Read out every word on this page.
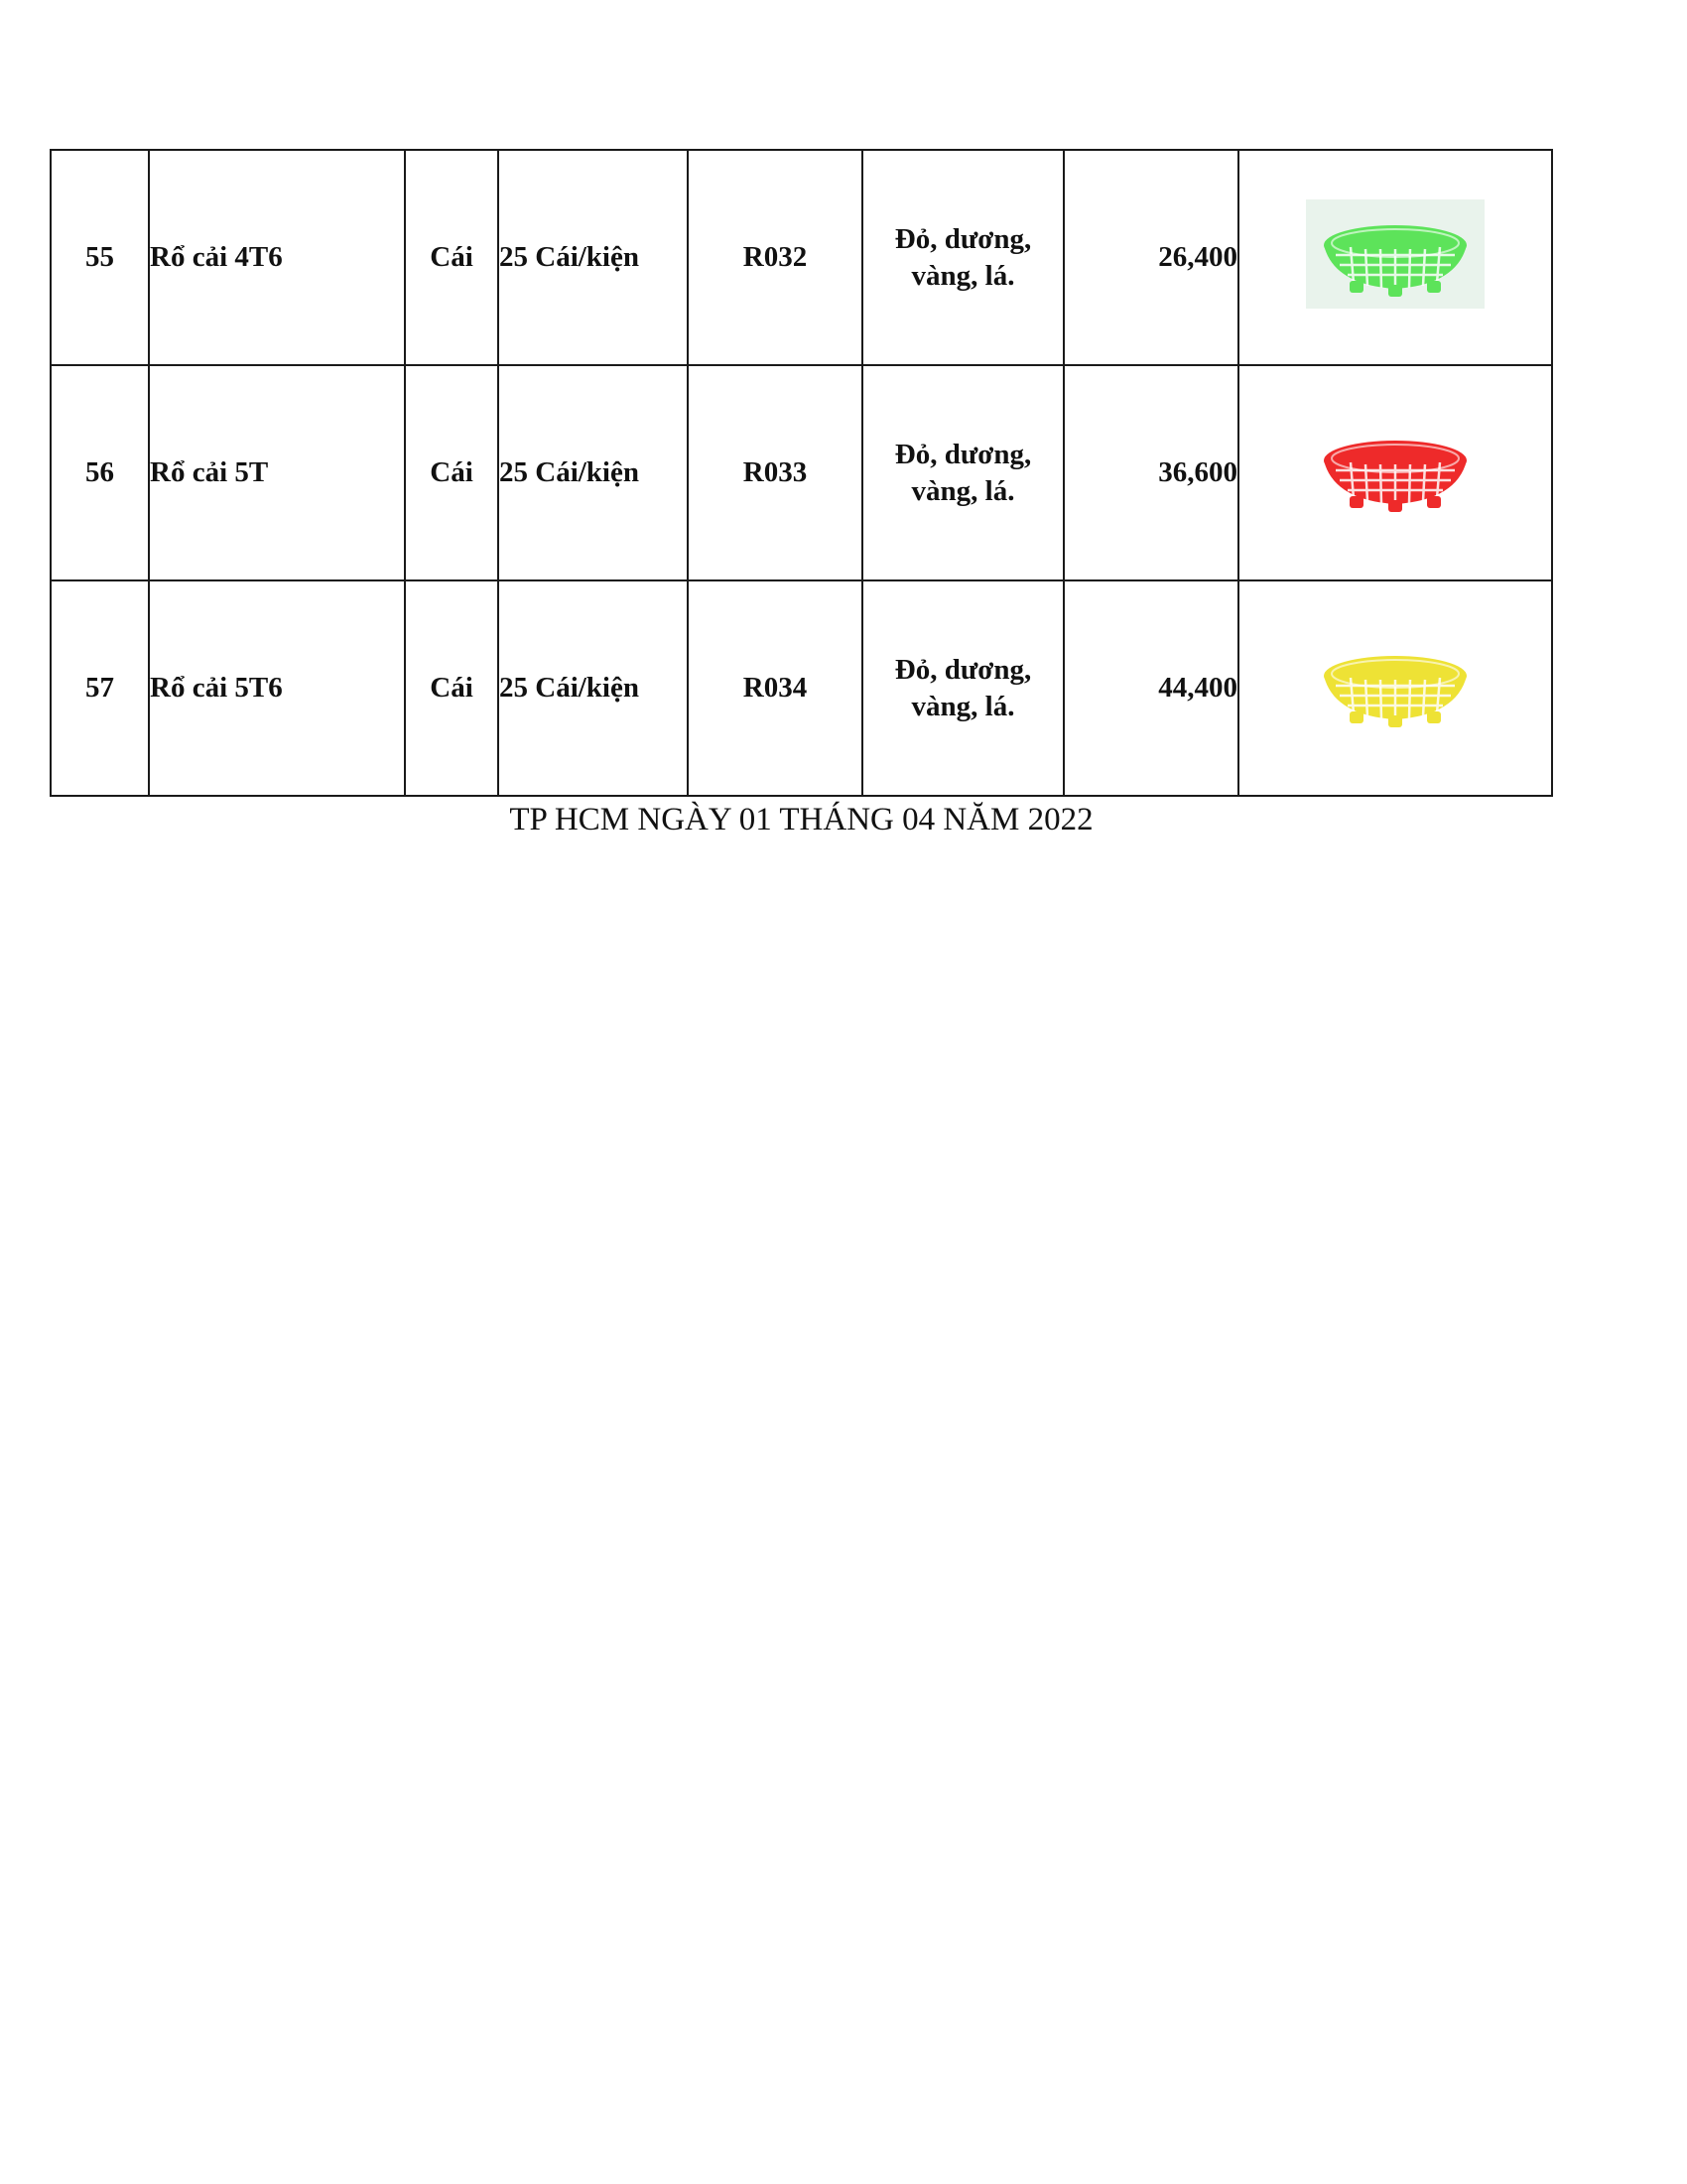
55	Rổ cải 4T6	Cái	25 Cái/kiện	R032	Đỏ, dương, vàng, lá.	26,400	
56	Rổ cải 5T	Cái	25 Cái/kiện	R033	Đỏ, dương, vàng, lá.	36,600	
57	Rổ cải 5T6	Cái	25 Cái/kiện	R034	Đỏ, dương, vàng, lá.	44,400	
TP HCM NGÀY 01 THÁNG 04 NĂM 2022
